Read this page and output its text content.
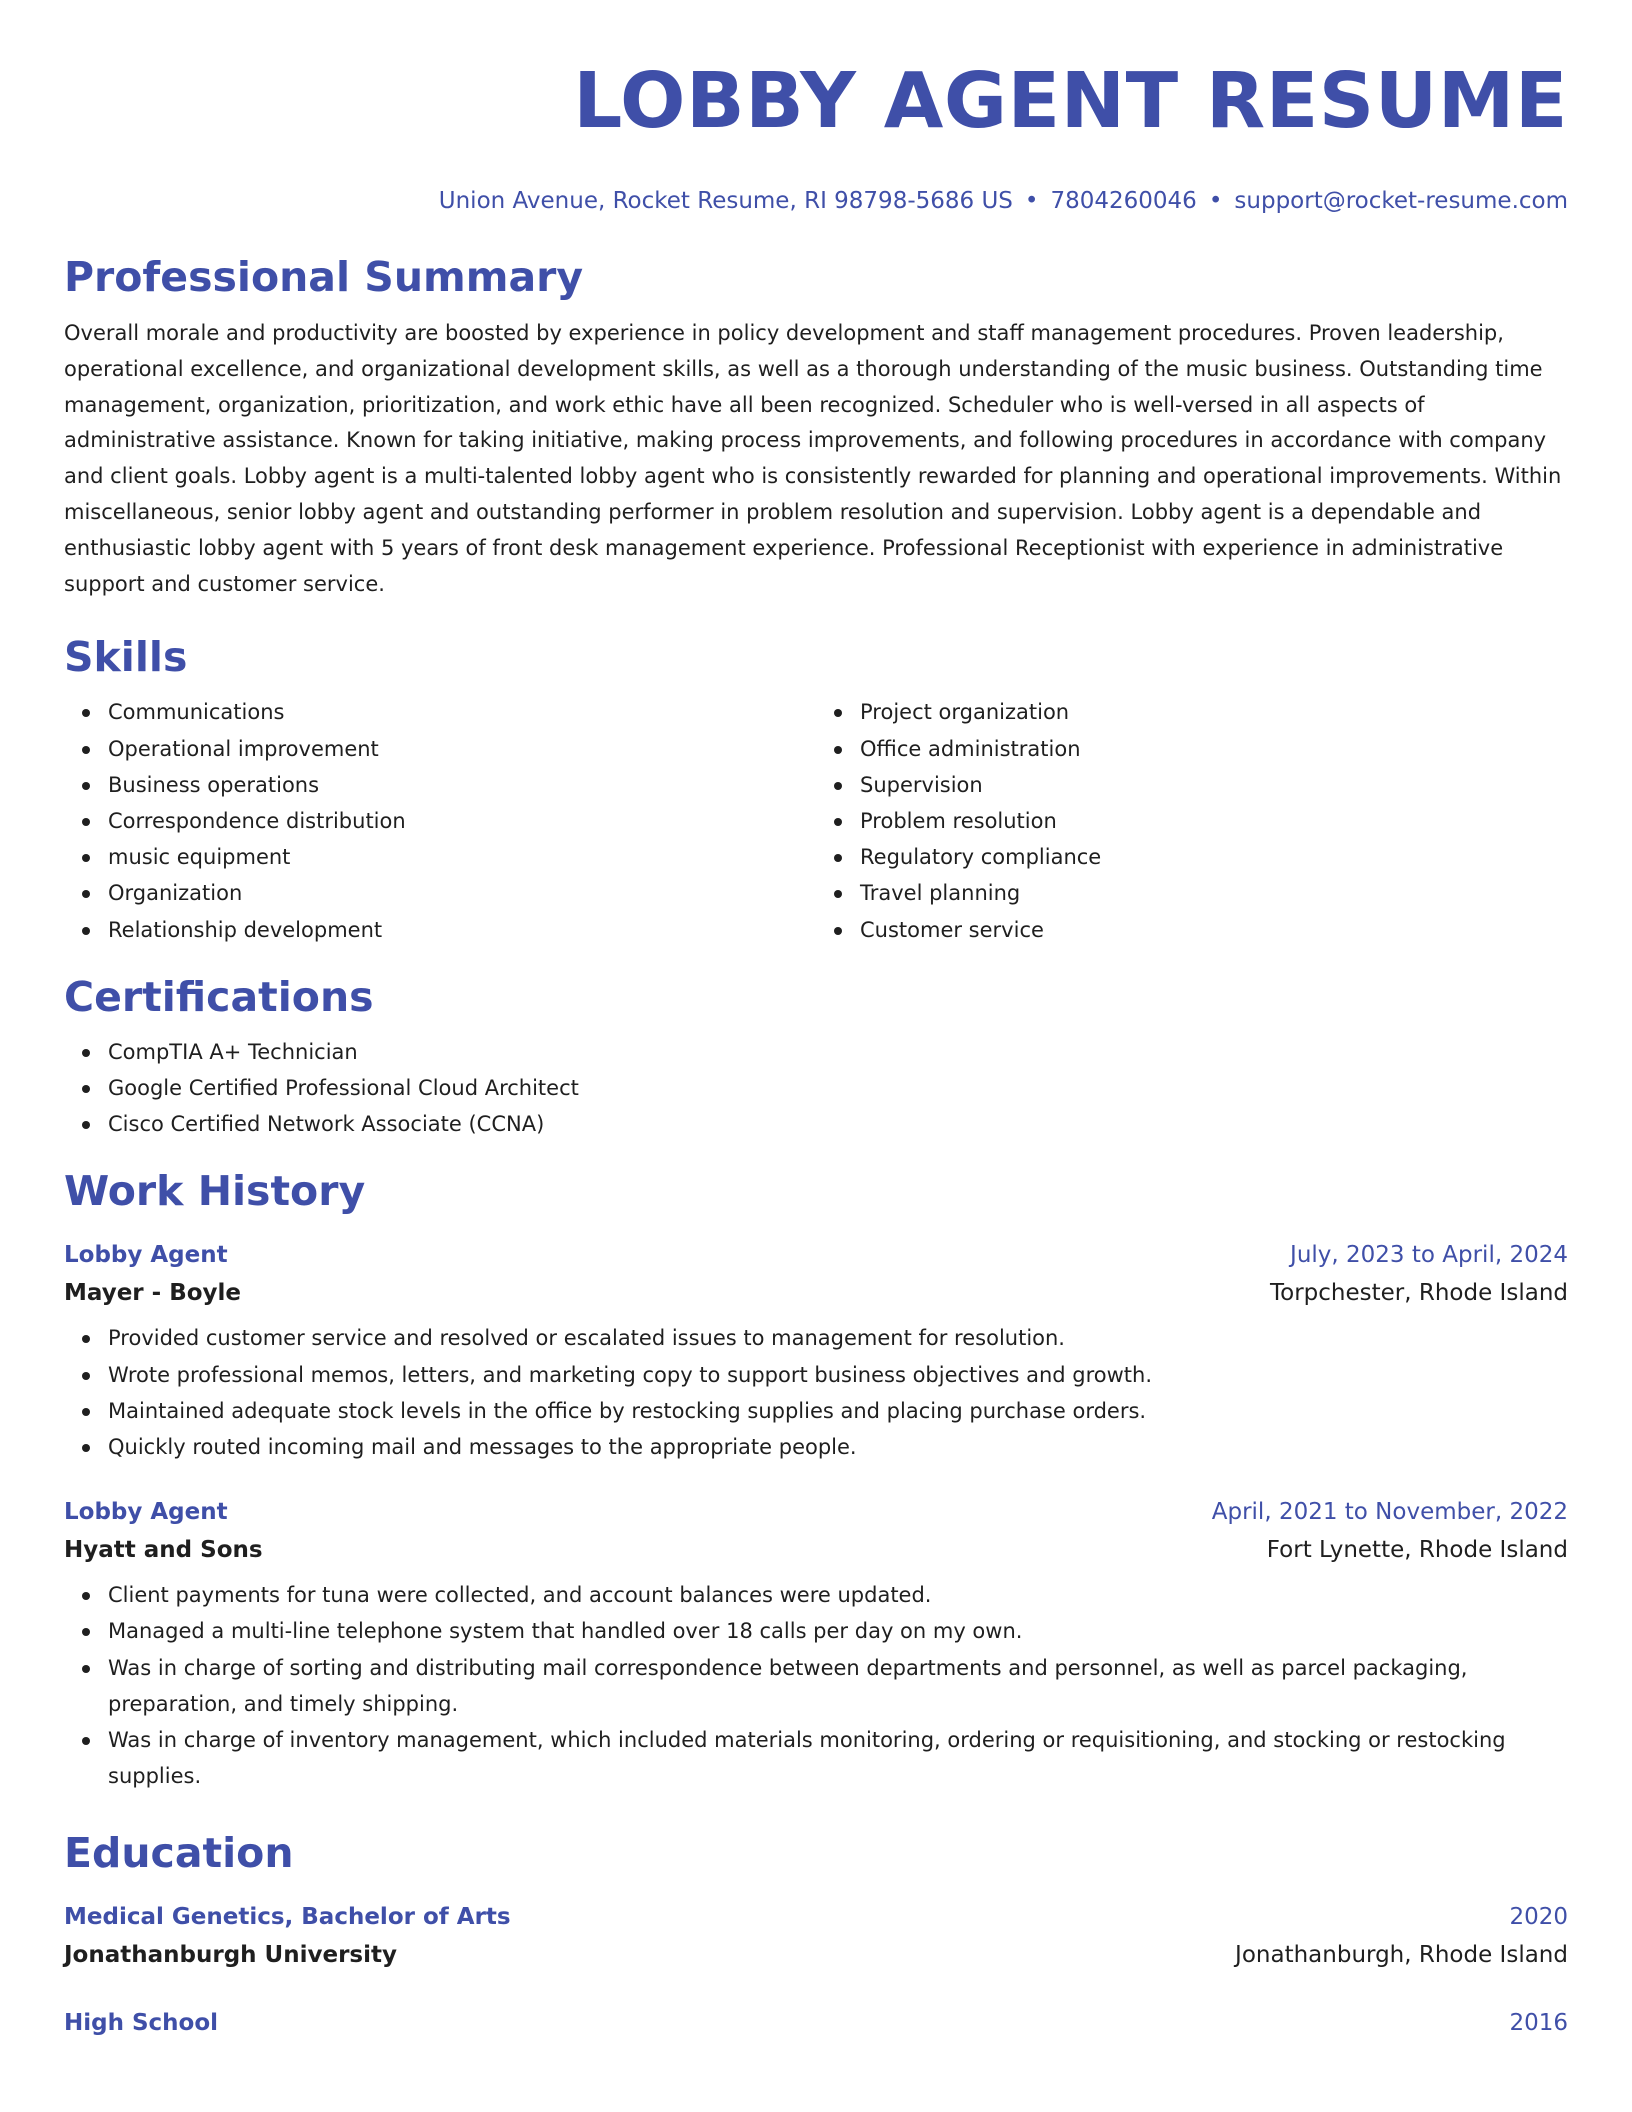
LOBBY AGENT RESUME
Union Avenue, Rocket Resume, RI 98798-5686 US • 7804260046 • support@rocket-resume.com
Professional Summary

Overall morale and productivity are boosted by experience in policy development and staff management procedures. Proven leadership, operational excellence, and organizational development skills, as well as a thorough understanding of the music business. Outstanding time management, organization, prioritization, and work ethic have all been recognized. Scheduler who is well-versed in all aspects of administrative assistance. Known for taking initiative, making process improvements, and following procedures in accordance with company and client goals. Lobby agent is a multi-talented lobby agent who is consistently rewarded for planning and operational improvements. Within miscellaneous, senior lobby agent and outstanding performer in problem resolution and supervision. Lobby agent is a dependable and enthusiastic lobby agent with 5 years of front desk management experience. Professional Receptionist with experience in administrative support and customer service.

Skills
Communications
Operational improvement
Business operations
Correspondence distribution
music equipment
Organization
Relationship development
Project organization
Office administration
Supervision
Problem resolution
Regulatory compliance
Travel planning
Customer service
Certifications
CompTIA A+ Technician
Google Certified Professional Cloud Architect
Cisco Certified Network Associate (CCNA)
Work History
Lobby Agent	July, 2023 to April, 2024
Mayer - Boyle	Torpchester, Rhode Island
Provided customer service and resolved or escalated issues to management for resolution.
Wrote professional memos, letters, and marketing copy to support business objectives and growth.
Maintained adequate stock levels in the office by restocking supplies and placing purchase orders.
Quickly routed incoming mail and messages to the appropriate people.
Lobby Agent	April, 2021 to November, 2022
Hyatt and Sons	Fort Lynette, Rhode Island
Client payments for tuna were collected, and account balances were updated.
Managed a multi-line telephone system that handled over 18 calls per day on my own.
Was in charge of sorting and distributing mail correspondence between departments and personnel, as well as parcel packaging, preparation, and timely shipping.
Was in charge of inventory management, which included materials monitoring, ordering or requisitioning, and stocking or restocking supplies.
Education
Medical Genetics, Bachelor of Arts	2020
Jonathanburgh University	Jonathanburgh, Rhode Island
High School	2016
